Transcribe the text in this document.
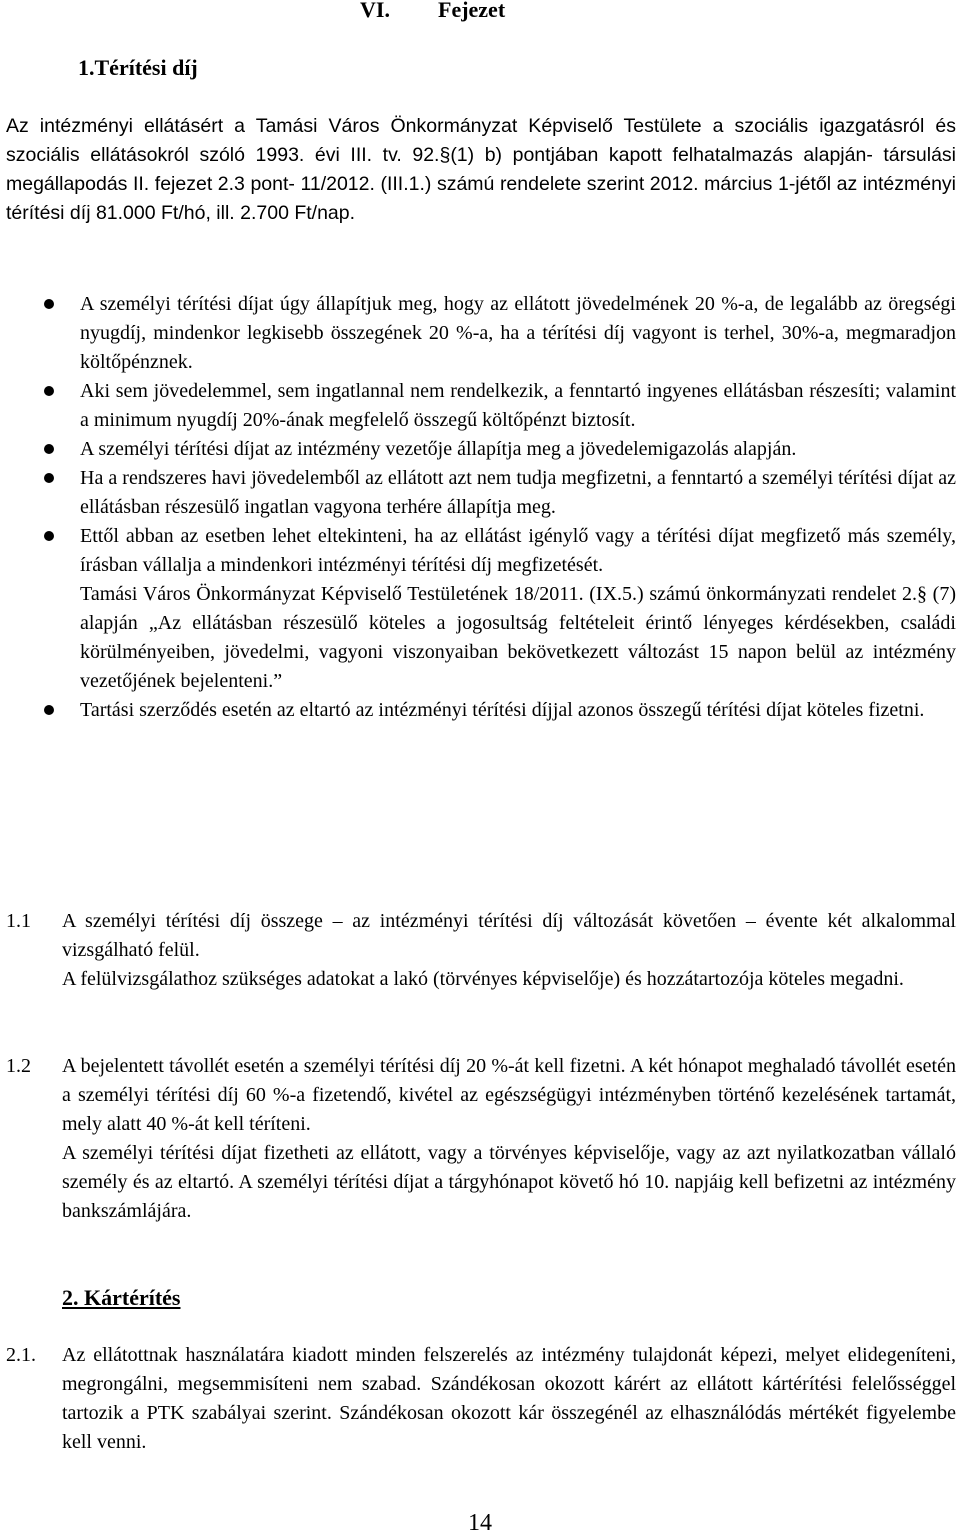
VI. Fejezet
1.Térítési díj
Az intézményi ellátásért a Tamási Város Önkormányzat Képviselő Testülete a szociális igazgatásról és szociális ellátásokról szóló 1993. évi III. tv. 92.§(1) b) pontjában kapott felhatalmazás alapján- társulási megállapodás II. fejezet 2.3 pont- 11/2012. (III.1.) számú rendelete szerint 2012. március 1-jétől az intézményi térítési díj 81.000 Ft/hó, ill. 2.700 Ft/nap.
A személyi térítési díjat úgy állapítjuk meg, hogy az ellátott jövedelmének 20 %-a, de legalább az öregségi nyugdíj, mindenkor legkisebb összegének 20 %-a, ha a térítési díj vagyont is terhel, 30%-a, megmaradjon költőpénznek.
Aki sem jövedelemmel, sem ingatlannal nem rendelkezik, a fenntartó ingyenes ellátásban részesíti; valamint a minimum nyugdíj 20%-ának megfelelő összegű költőpénzt biztosít.
A személyi térítési díjat az intézmény vezetője állapítja meg a jövedelemigazolás alapján.
Ha a rendszeres havi jövedelemből az ellátott azt nem tudja megfizetni, a fenntartó a személyi térítési díjat az ellátásban részesülő ingatlan vagyona terhére állapítja meg.
Ettől abban az esetben lehet eltekinteni, ha az ellátást igénylő vagy a térítési díjat megfizető más személy, írásban vállalja a mindenkori intézményi térítési díj megfizetését.
Tamási Város Önkormányzat Képviselő Testületének 18/2011. (IX.5.) számú önkormányzati rendelet 2.§ (7) alapján „Az ellátásban részesülő köteles a jogosultság feltételeit érintő lényeges kérdésekben, családi körülményeiben, jövedelmi, vagyoni viszonyaiban bekövetkezett változást 15 napon belül az intézmény vezetőjének bejelenteni.”
Tartási szerződés esetén az eltartó az intézményi térítési díjjal azonos összegű térítési díjat köteles fizetni.
1.1 A személyi térítési díj összege – az intézményi térítési díj változását követően – évente két alkalommal vizsgálható felül.

A felülvizsgálathoz szükséges adatokat a lakó (törvényes képviselője) és hozzátartozója köteles megadni.

1.2 A bejelentett távollét esetén a személyi térítési díj 20 %-át kell fizetni. A két hónapot meghaladó távollét esetén a személyi térítési díj 60 %-a fizetendő, kivétel az egészségügyi intézményben történő kezelésének tartamát, mely alatt 40 %-át kell téríteni.

A személyi térítési díjat fizetheti az ellátott, vagy a törvényes képviselője, vagy az azt nyilatkozatban vállaló személy és az eltartó. A személyi térítési díjat a tárgyhónapot követő hó 10. napjáig kell befizetni az intézmény bankszámlájára.

2. Kártérítés
2.1. Az ellátottnak használatára kiadott minden felszerelés az intézmény tulajdonát képezi, melyet elidegeníteni, megrongálni, megsemmisíteni nem szabad. Szándékosan okozott kárért az ellátott kártérítési felelősséggel tartozik a PTK szabályai szerint. Szándékosan okozott kár összegénél az elhasználódás mértékét figyelembe kell venni.

14
